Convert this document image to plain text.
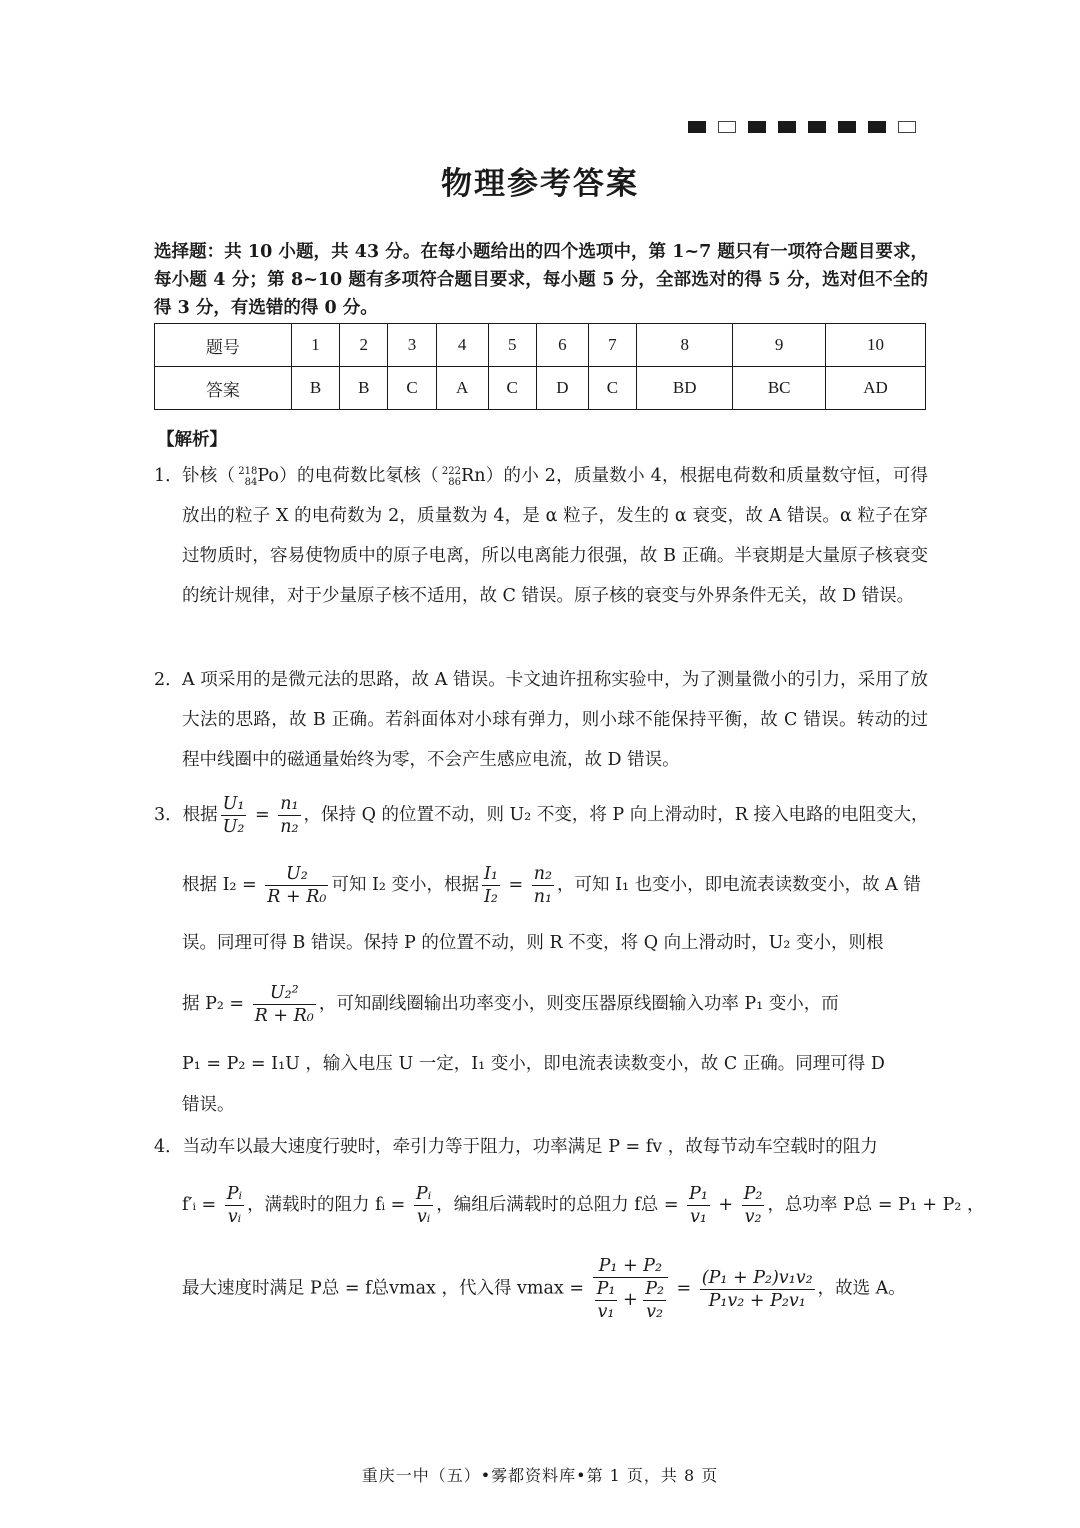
物理参考答案
选择题：共 10 小题，共 43 分。在每小题给出的四个选项中，第 1~7 题只有一项符合题目要求，每小题 4 分；第 8~10 题有多项符合题目要求，每小题 5 分，全部选对的得 5 分，选对但不全的得 3 分，有选错的得 0 分。
题号	1	2	3	4	5	6	7	8	9	10
答案	B	B	C	A	C	D	C	BD	BC	AD
【解析】
1． 钋核（ 218
84 Po）的电荷数比氡核（ 222
86 Rn）的小 2，质量数小 4，根据电荷数和质量数守恒，可得放出的粒子 X 的电荷数为 2，质量数为 4，是 α 粒子，发生的 α 衰变，故 A 错误。α 粒子在穿过物质时，容易使物质中的原子电离，所以电离能力很强，故 B 正确。半衰期是大量原子核衰变的统计规律，对于少量原子核不适用，故 C 错误。原子核的衰变与外界条件无关，故 D 错误。
2． A 项采用的是微元法的思路，故 A 错误。卡文迪许扭称实验中，为了测量微小的引力，采用了放大法的思路，故 B 正确。若斜面体对小球有弹力，则小球不能保持平衡，故 C 错误。转动的过程中线圈中的磁通量始终为零，不会产生感应电流，故 D 错误。
3．根据 $\frac{\text{U₁}}{\text{U₂}} = \frac{\text{n₁}}{\text{n₂}}$ ，保持 Q 的位置不动，则 U₂ 不变，将 P 向上滑动时，R 接入电路的电阻变大，
根据 $I_2 = \frac{\text{U₂}}{\text{R + R₀}}$ 可知 I₂ 变小，根据 $\frac{\text{I₁}}{\text{I₂}} = \frac{\text{n₂}}{\text{n₁}}$ ，可知 I₁ 也变小，即电流表读数变小，故 A 错
误。同理可得 B 错误。保持 P 的位置不动，则 R 不变，将 Q 向上滑动时，U₂ 变小，则根
据 $P_2 = \frac{\text{U₂²}}{\text{R + R₀}}$ ，可知副线圈输出功率变小，则变压器原线圈输入功率 P₁ 变小，而
P₁ = P₂ = I₁U ，输入电压 U 一定，I₁ 变小，即电流表读数变小，故 C 正确。同理可得 D
错误。
4．当动车以最大速度行驶时，牵引力等于阻力，功率满足 P = fv ，故每节动车空载时的阻力
f′ᵢ = $\frac{\text{Pᵢ}}{\text{vᵢ}}$ ，满载时的阻力 fᵢ = $\frac{\text{Pᵢ}}{\text{vᵢ}}$ ，编组后满载时的总阻力 f总 = $\frac{\text{P₁}}{\text{v₁}} + \frac{\text{P₂}}{\text{v₂}}$ ，总功率 P总 = P₁ + P₂ ，
最大速度时满足 P总 = f总vmax ，代入得 $vmax = \frac{\text{P₁ + P₂}}{\frac{\text{P₁}}{\text{v₁}} + \frac{\text{P₂}}{\text{v₂}}} = \frac{\text{(P₁ + P₂)v₁v₂}}{\text{P₁v₂ + P₂v₁}}$ ，故选 A。
重庆一中（五）•雾都资料库•第 1 页，共 8 页
